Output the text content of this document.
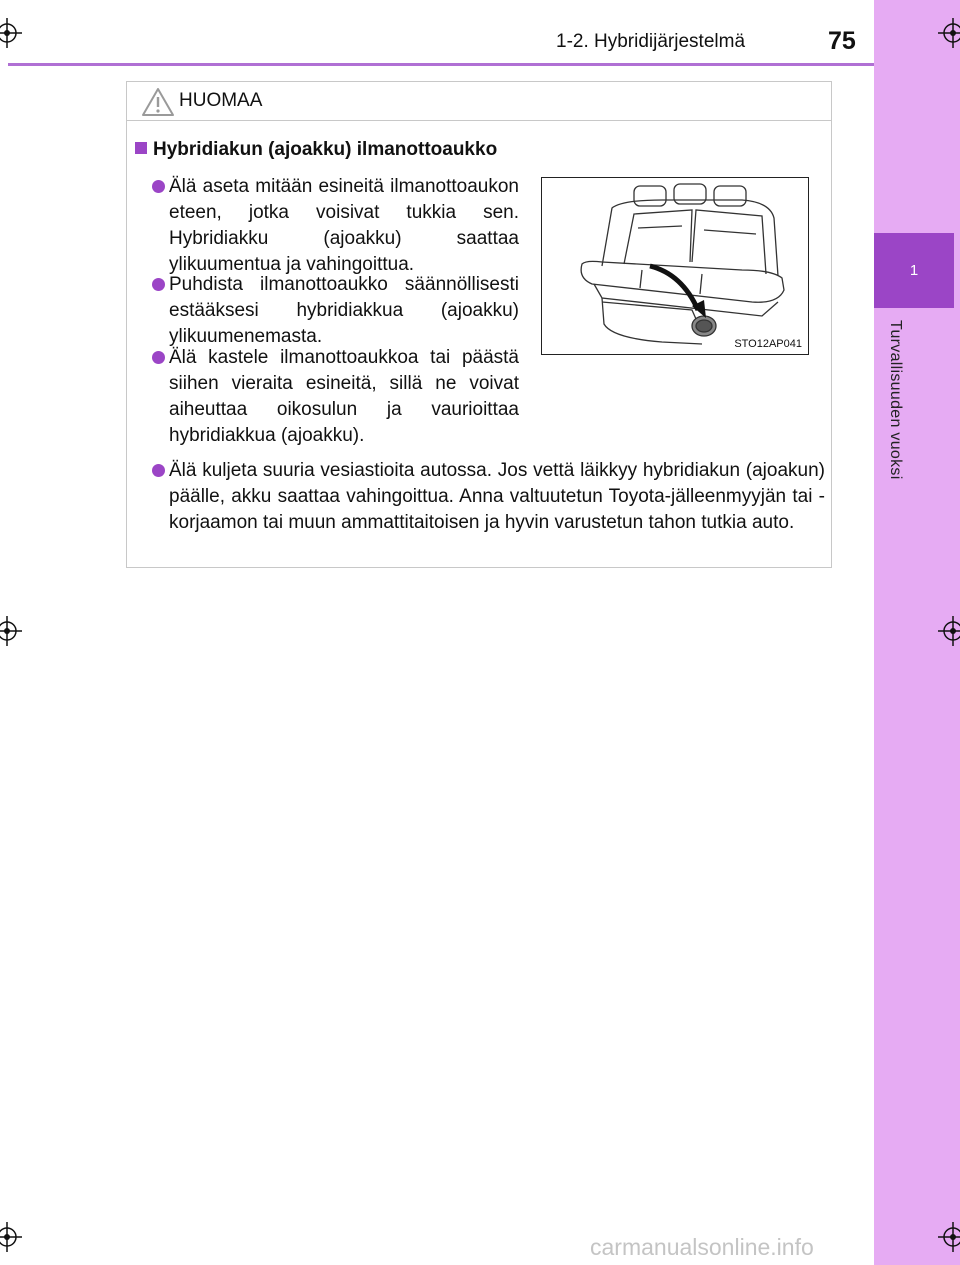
1-2. Hybridijärjestelmä	75
1
Turvallisuuden vuoksi
HUOMAA
Hybridiakun (ajoakku) ilmanottoaukko
Älä aseta mitään esineitä ilmanottoaukon eteen, jotka voisivat tukkia sen. Hybridiakku (ajoakku) saattaa ylikuumentua ja vahingoittua.
Puhdista ilmanottoaukko säännöllisesti estääksesi hybridiakkua (ajoakku) ylikuumenemasta.
Älä kastele ilmanottoaukkoa tai päästä siihen vieraita esineitä, sillä ne voivat aiheuttaa oikosulun ja vaurioittaa hybridiakkua (ajoakku).
Älä kuljeta suuria vesiastioita autossa. Jos vettä läikkyy hybridiakun (ajoakun) päälle, akku saattaa vahingoittua. Anna valtuutetun Toyota-jälleenmyyjän tai -korjaamon tai muun ammattitaitoisen ja hyvin varustetun tahon tutkia auto.
STO12AP041
carmanualsonline.info
